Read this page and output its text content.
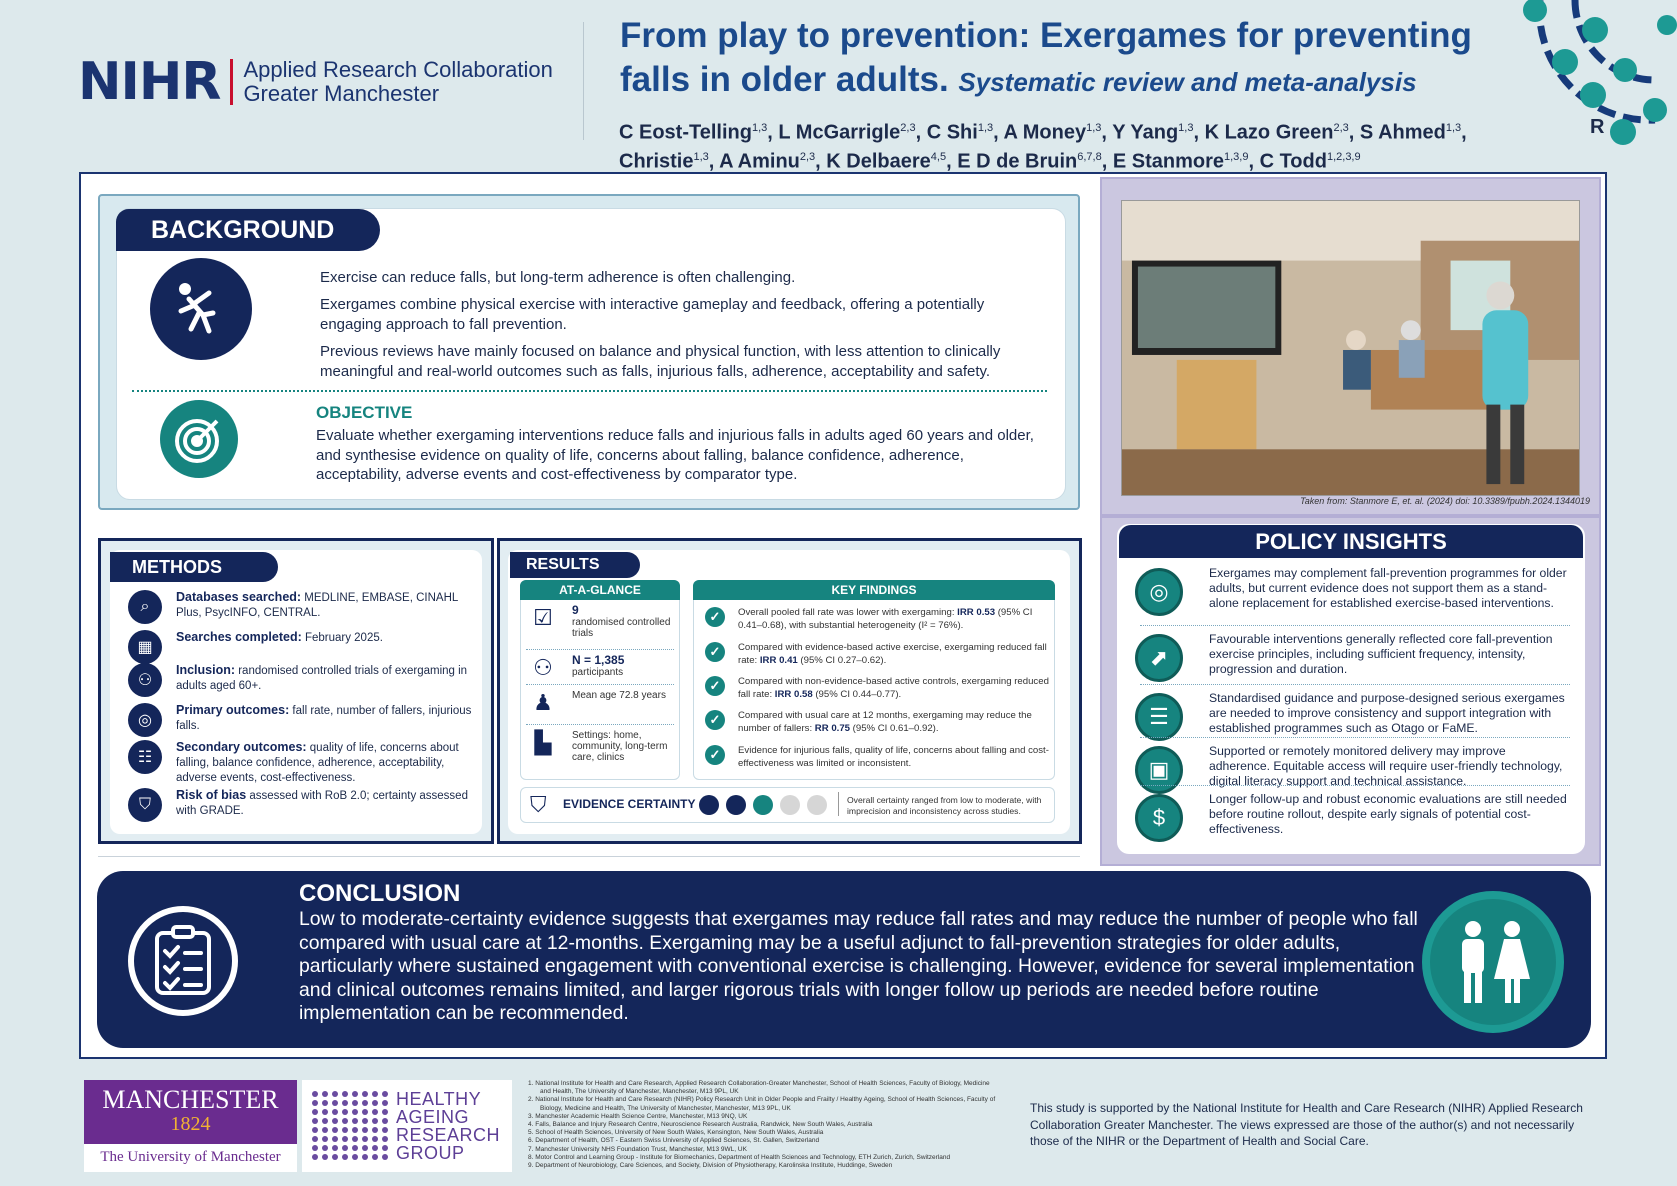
NIHR Applied Research Collaboration
Greater Manchester
From play to prevention: Exergames for preventing falls in older adults. Systematic review and meta-analysis
C Eost-Telling$^{1,3}$, L McGarrigle$^{2,3}$, C Shi$^{1,3}$, A Money$^{1,3}$, Y Yang$^{1,3}$, K Lazo Green$^{2,3}$, S Ahmed$^{1,3}$,
Christie$^{1,3}$, A Aminu$^{2,3}$, K Delbaere$^{4,5}$, E D de Bruin$^{6,7,8}$, E Stanmore$^{1,3,9}$, C Todd$^{1,2,3,9}$
R
BACKGROUND
Exercise can reduce falls, but long-term adherence is often challenging.
Exergames combine physical exercise with interactive gameplay and feedback, offering a potentially engaging approach to fall prevention.
Previous reviews have mainly focused on balance and physical function, with less attention to clinically meaningful and real-world outcomes such as falls, injurious falls, adherence, acceptability and safety.
OBJECTIVE
Evaluate whether exergaming interventions reduce falls and injurious falls in adults aged 60 years and older, and synthesise evidence on quality of life, concerns about falling, balance confidence, adherence, acceptability, adverse events and cost-effectiveness by comparator type.
Taken from: Stanmore E, et. al. (2024) doi: 10.3389/fpubh.2024.1344019
POLICY INSIGHTS
◎
Exergames may complement fall-prevention programmes for older adults, but current evidence does not support them as a stand-alone replacement for established exercise-based interventions.
⬈
Favourable interventions generally reflected core fall-prevention exercise principles, including sufficient frequency, intensity, progression and duration.
☰
Standardised guidance and purpose-designed serious exergames are needed to improve consistency and support integration with established programmes such as Otago or FaME.
▣
Supported or remotely monitored delivery may improve adherence. Equitable access will require user-friendly technology, digital literacy support and technical assistance.
$
Longer follow-up and robust economic evaluations are still needed before routine rollout, despite early signals of potential cost-effectiveness.
METHODS
⌕
Databases searched: MEDLINE, EMBASE, CINAHL Plus, PsycINFO, CENTRAL.
▦
Searches completed: February 2025.
⚇
Inclusion: randomised controlled trials of exergaming in adults aged 60+.
◎
Primary outcomes: fall rate, number of fallers, injurious falls.
☷
Secondary outcomes: quality of life, concerns about falling, balance confidence, adherence, acceptability, adverse events, cost-effectiveness.
⛉
Risk of bias assessed with RoB 2.0; certainty assessed with GRADE.
RESULTS
AT-A-GLANCE
☑	9
randomised controlled trials
⚇	N = 1,385
participants
♟	Mean age 72.8 years
▙	Settings: home, community, long-term care, clinics
KEY FINDINGS
✓	Overall pooled fall rate was lower with exergaming: IRR 0.53 (95% CI 0.41–0.68), with substantial heterogeneity (I² = 76%).
✓	Compared with evidence-based active exercise, exergaming reduced fall rate: IRR 0.41 (95% CI 0.27–0.62).
✓	Compared with non-evidence-based active controls, exergaming reduced fall rate: IRR 0.58 (95% CI 0.44–0.77).
✓	Compared with usual care at 12 months, exergaming may reduce the number of fallers: RR 0.75 (95% CI 0.61–0.92).
✓	Evidence for injurious falls, quality of life, concerns about falling and cost-effectiveness was limited or inconsistent.
⛉ EVIDENCE CERTAINTY	Overall certainty ranged from low to moderate, with imprecision and inconsistency across studies.
CONCLUSION
Low to moderate-certainty evidence suggests that exergames may reduce fall rates and may reduce the number of people who fall compared with usual care at 12-months. Exergaming may be a useful adjunct to fall-prevention strategies for older adults, particularly where sustained engagement with conventional exercise is challenging. However, evidence for several implementation and clinical outcomes remains limited, and larger rigorous trials with longer follow up periods are needed before routine implementation can be recommended.
MANCHESTER
1824
The University of Manchester
HEALTHY
AGEING
RESEARCH
GROUP
1. National Institute for Health and Care Research, Applied Research Collaboration-Greater Manchester, School of Health Sciences, Faculty of Biology, Medicine and Health, The University of Manchester, Manchester, M13 9PL, UK
2. National Institute for Health and Care Research (NIHR) Policy Research Unit in Older People and Frailty / Healthy Ageing, School of Health Sciences, Faculty of Biology, Medicine and Health, The University of Manchester, Manchester, M13 9PL, UK
3. Manchester Academic Health Science Centre, Manchester, M13 9NQ, UK
4. Falls, Balance and Injury Research Centre, Neuroscience Research Australia, Randwick, New South Wales, Australia
5. School of Health Sciences, University of New South Wales, Kensington, New South Wales, Australia
6. Department of Health, OST - Eastern Swiss University of Applied Sciences, St. Gallen, Switzerland
7. Manchester University NHS Foundation Trust, Manchester, M13 9WL, UK
8. Motor Control and Learning Group - Institute for Biomechanics, Department of Health Sciences and Technology, ETH Zurich, Zurich, Switzerland
9. Department of Neurobiology, Care Sciences, and Society, Division of Physiotherapy, Karolinska Institute, Huddinge, Sweden
This study is supported by the National Institute for Health and Care Research (NIHR) Applied Research Collaboration Greater Manchester. The views expressed are those of the author(s) and not necessarily those of the NIHR or the Department of Health and Social Care.
